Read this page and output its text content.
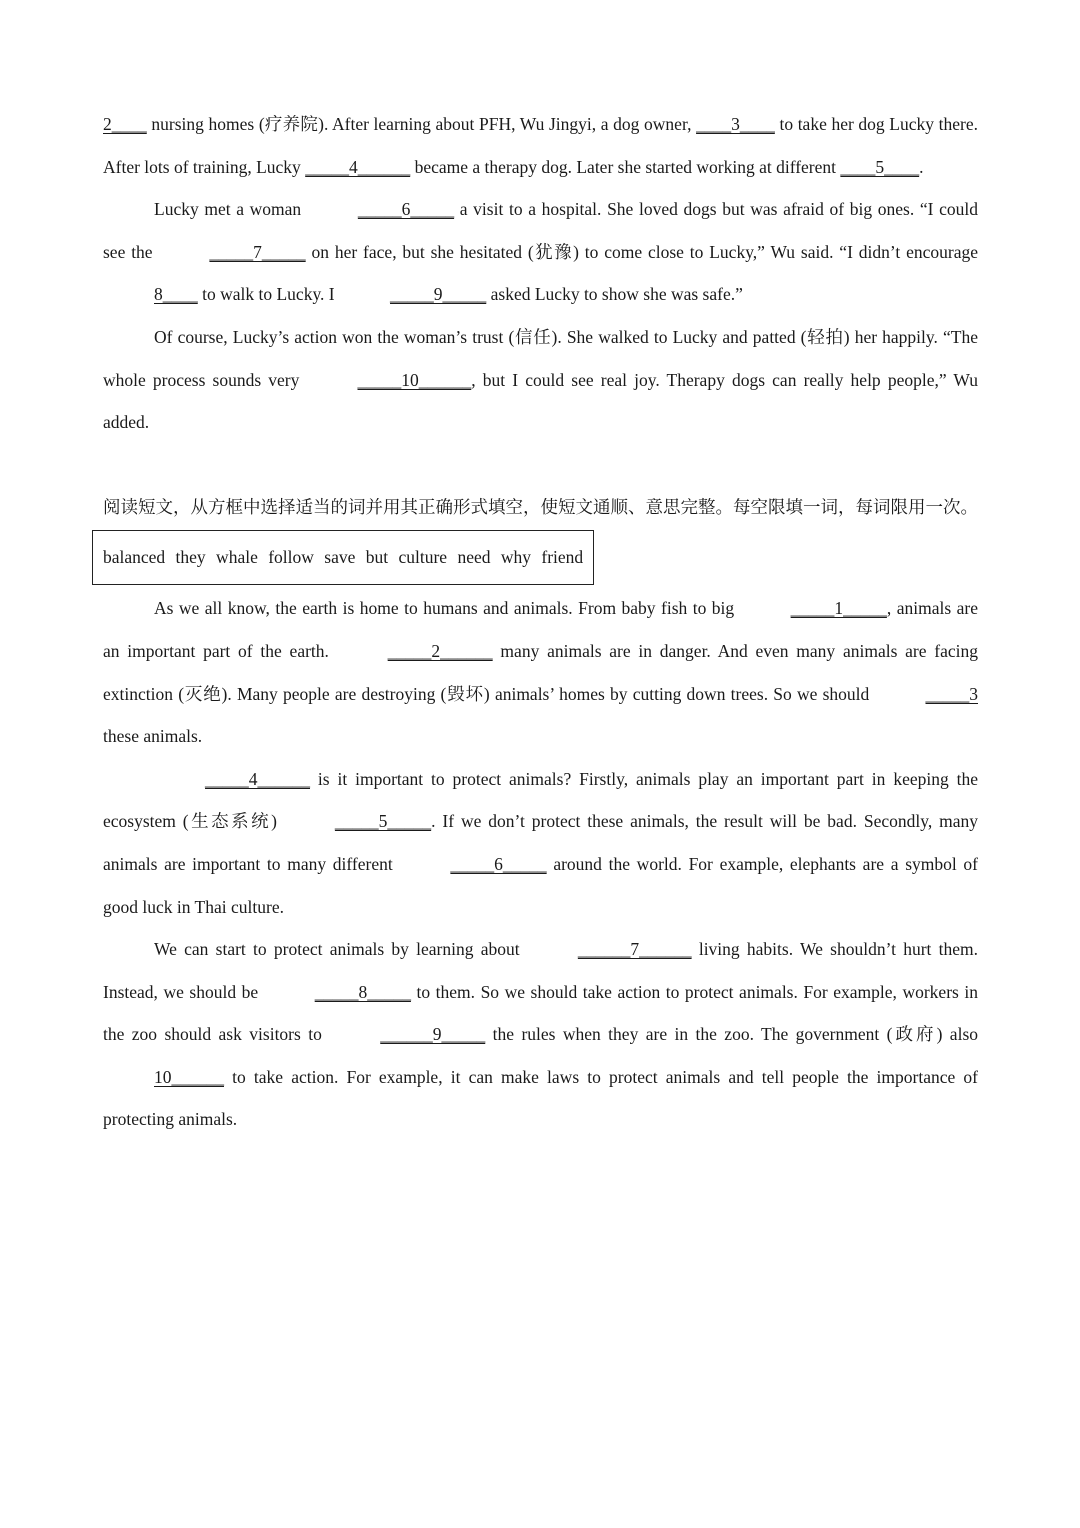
2____ nursing homes (疗养院). After learning about PFH, Wu Jingyi, a dog owner, ____3____ to take her dog Lucky there. After lots of training, Lucky _____4______ became a therapy dog. Later she started working at different ____5____.

Lucky met a woman	_____6_____ a visit to a hospital. She loved dogs but was afraid of big ones. “I could see the	_____7_____ on her face, but she hesitated (犹豫) to come close to Lucky,” Wu said. “I didn’t encourage 8____ to walk to Lucky. I	_____9_____ asked Lucky to show she was safe.”

Of course, Lucky’s action won the woman’s trust (信任). She walked to Lucky and patted (轻拍) her happily. “The whole process sounds very	_____10______, but I could see real joy. Therapy dogs can really help people,” Wu added.

阅读短文，从方框中选择适当的词并用其正确形式填空，使短文通顺、意思完整。每空限填一词，每词限用一次。

balanced they whale follow save but culture need why friend

As we all know, the earth is home to humans and animals. From baby fish to big	_____1_____, animals are an important part of the earth.	_____2______ many animals are in danger. And even many animals are facing extinction (灭绝). Many people are destroying (毁坏) animals’ homes by cutting down trees. So we should	_____3 these animals.

_____4______ is it important to protect animals? Firstly, animals play an important part in keeping the ecosystem (生态系统)	_____5_____. If we don’t protect these animals, the result will be bad. Secondly, many animals are important to many different	_____6_____ around the world. For example, elephants are a symbol of good luck in Thai culture.

We can start to protect animals by learning about	______7______ living habits. We shouldn’t hurt them. Instead, we should be	_____8_____ to them. So we should take action to protect animals. For example, workers in the zoo should ask visitors to	______9_____ the rules when they are in the zoo. The government (政府) also 10______ to take action. For example, it can make laws to protect animals and tell people the importance of protecting animals.
